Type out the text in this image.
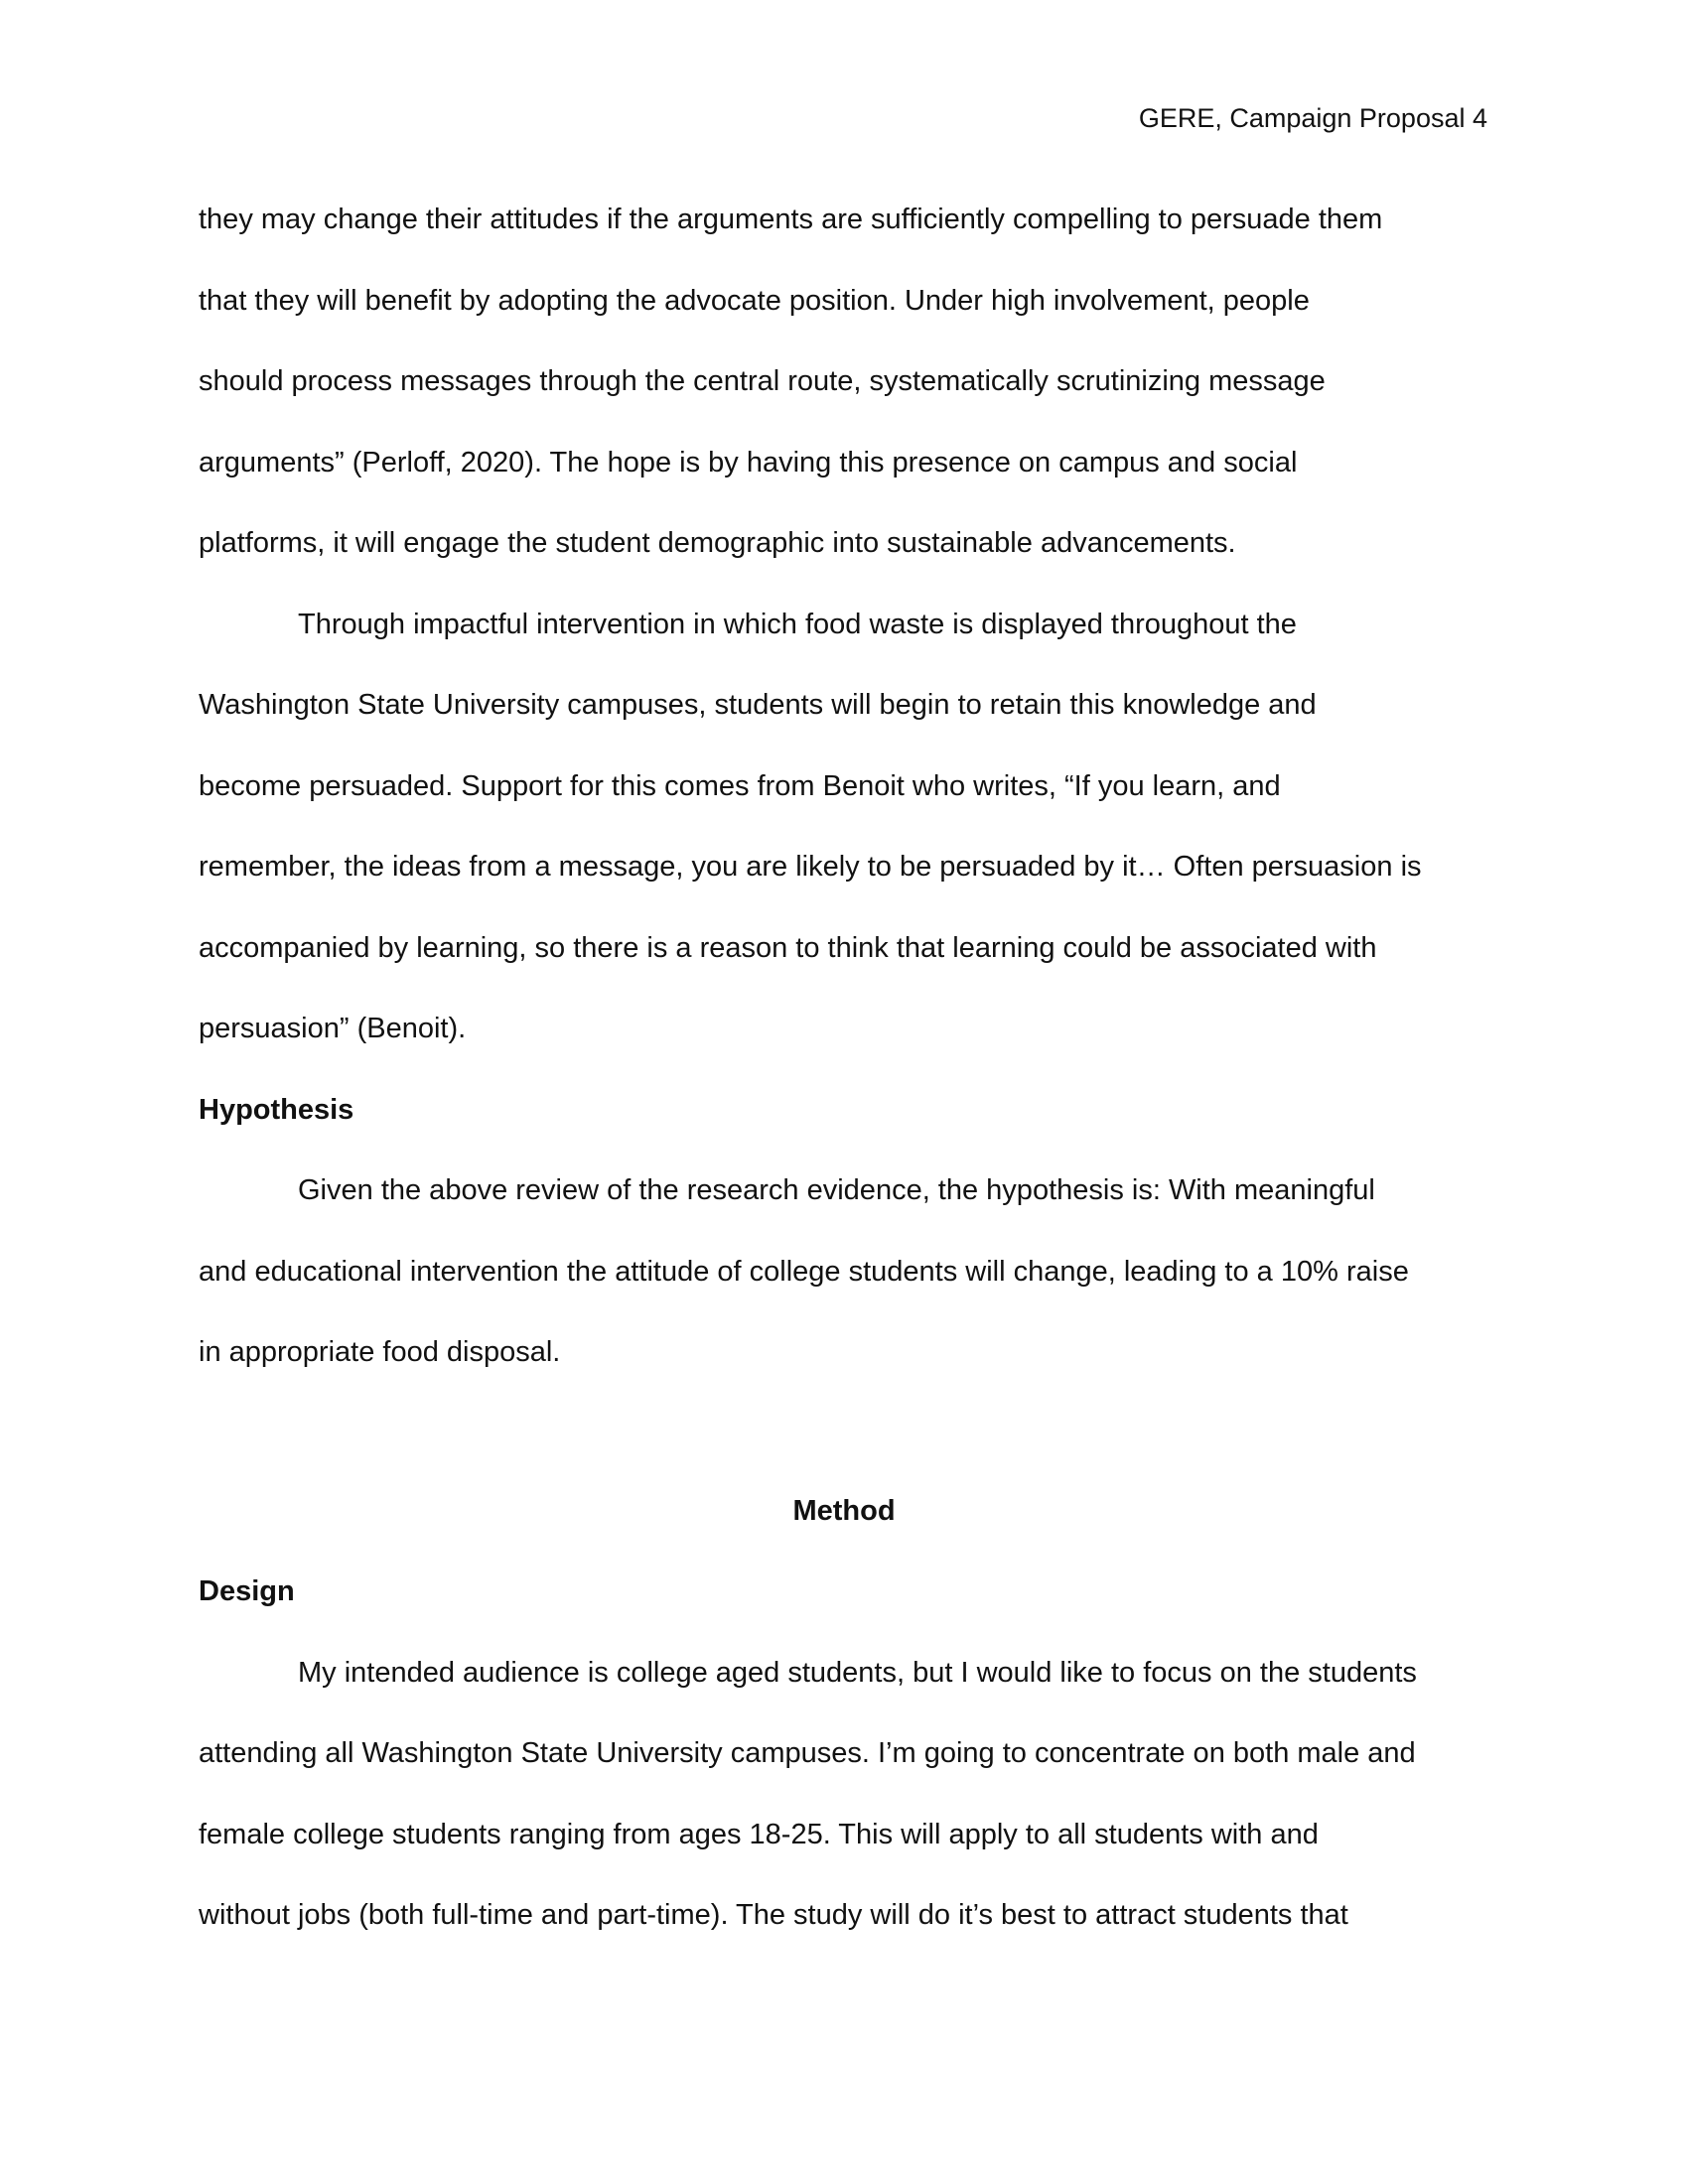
GERE, Campaign Proposal 4
they may change their attitudes if the arguments are sufficiently compelling to persuade them
that they will benefit by adopting the advocate position. Under high involvement, people
should process messages through the central route, systematically scrutinizing message
arguments” (Perloff, 2020). The hope is by having this presence on campus and social
platforms, it will engage the student demographic into sustainable advancements.
Through impactful intervention in which food waste is displayed throughout the
Washington State University campuses, students will begin to retain this knowledge and
become persuaded. Support for this comes from Benoit who writes, “If you learn, and
remember, the ideas from a message, you are likely to be persuaded by it… Often persuasion is
accompanied by learning, so there is a reason to think that learning could be associated with
persuasion” (Benoit).
Hypothesis
Given the above review of the research evidence, the hypothesis is: With meaningful
and educational intervention the attitude of college students will change, leading to a 10% raise
in appropriate food disposal.
Method
Design
My intended audience is college aged students, but I would like to focus on the students
attending all Washington State University campuses. I’m going to concentrate on both male and
female college students ranging from ages 18-25. This will apply to all students with and
without jobs (both full-time and part-time). The study will do it’s best to attract students that
